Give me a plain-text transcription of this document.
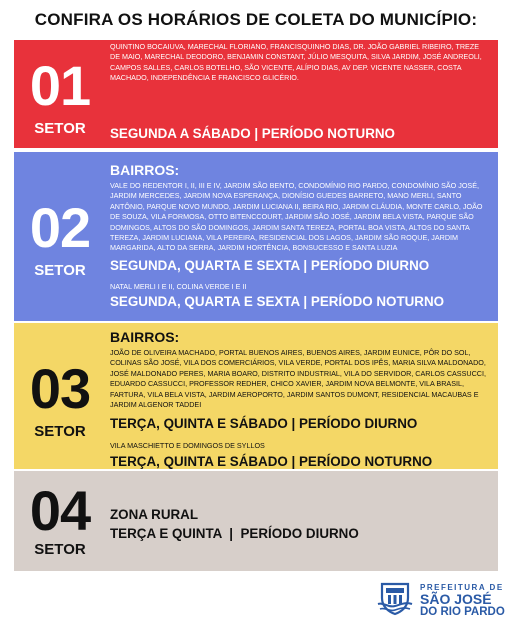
CONFIRA OS HORÁRIOS DE COLETA DO MUNICÍPIO:
01
SETOR
QUINTINO BOCAIUVA, MARECHAL FLORIANO, FRANCISQUINHO DIAS, DR. JOÃO GABRIEL RIBEIRO, TREZE DE MAIO, MARECHAL DEODORO, BENJAMIN CONSTANT, JÚLIO MESQUITA, SILVA JARDIM, JOSÉ ANDREOLI, CAMPOS SALLES, CARLOS BOTELHO, SÃO VICENTE, ALÍPIO DIAS, AV DEP. VICENTE NASSER, COSTA MACHADO, INDEPENDÊNCIA E FRANCISCO GLICÉRIO.
SEGUNDA A SÁBADO | PERÍODO NOTURNO
02
SETOR
BAIRROS:
VALE DO REDENTOR I, II, III E IV, JARDIM SÃO BENTO, CONDOMÍNIO RIO PARDO, CONDOMÍNIO SÃO JOSÉ, JARDIM MERCEDES, JARDIM NOVA ESPERANÇA, DIONÍSIO GUEDES BARRETO, MANO MERLI, SANTO ANTÔNIO, PARQUE NOVO MUNDO, JARDIM LUCIANA II, BEIRA RIO, JARDIM CLÁUDIA, MONTE CARLO, JOÃO DE SOUZA, VILA FORMOSA, OTTO BITENCCOURT, JARDIM SÃO JOSÉ, JARDIM BELA VISTA, PARQUE SÃO DOMINGOS, ALTOS DO SÃO DOMINGOS, JARDIM SANTA TEREZA, PORTAL BOA VISTA, ALTOS DO SANTA TEREZA, JARDIM LUCIANA, VILA PEREIRA, RESIDENCIAL DOS LAGOS, JARDIM SÃO ROQUE, JARDIM MARGARIDA, ALTO DA SERRA, JARDIM HORTÊNCIA, BONSUCESSO E SANTA LUZIA
SEGUNDA, QUARTA E SEXTA | PERÍODO DIURNO
NATAL MERLI I E II, COLINA VERDE I E II
SEGUNDA, QUARTA E SEXTA | PERÍODO NOTURNO
03
SETOR
BAIRROS:
JOÃO DE OLIVEIRA MACHADO, PORTAL BUENOS AIRES, BUENOS AIRES, JARDIM EUNICE, PÔR DO SOL, COLINAS SÃO JOSÉ, VILA DOS COMERCIÁRIOS, VILA VERDE, PORTAL DOS IPÊS, MARIA SILVA MALDONADO, JOSÉ MALDONADO PERES, MARIA BOARO, DISTRITO INDUSTRIAL, VILA DO SERVIDOR, CARLOS CASSUCCI, EDUARDO CASSUCCI, PROFESSOR REDHER, CHICO XAVIER, JARDIM NOVA BELMONTE, VILA BRASIL, FARTURA, VILA BELA VISTA, JARDIM AEROPORTO, JARDIM SANTOS DUMONT, RESIDENCIAL MACAUBAS E JARDIM ALGENOR TADDEI
TERÇA, QUINTA E SÁBADO | PERÍODO DIURNO
VILA MASCHIETTO E DOMINGOS DE SYLLOS
TERÇA, QUINTA E SÁBADO | PERÍODO NOTURNO
04
SETOR
ZONA RURAL
TERÇA E QUINTA  |  PERÍODO DIURNO
PREFEITURA DE
SÃO JOSÉ
DO RIO PARDO
